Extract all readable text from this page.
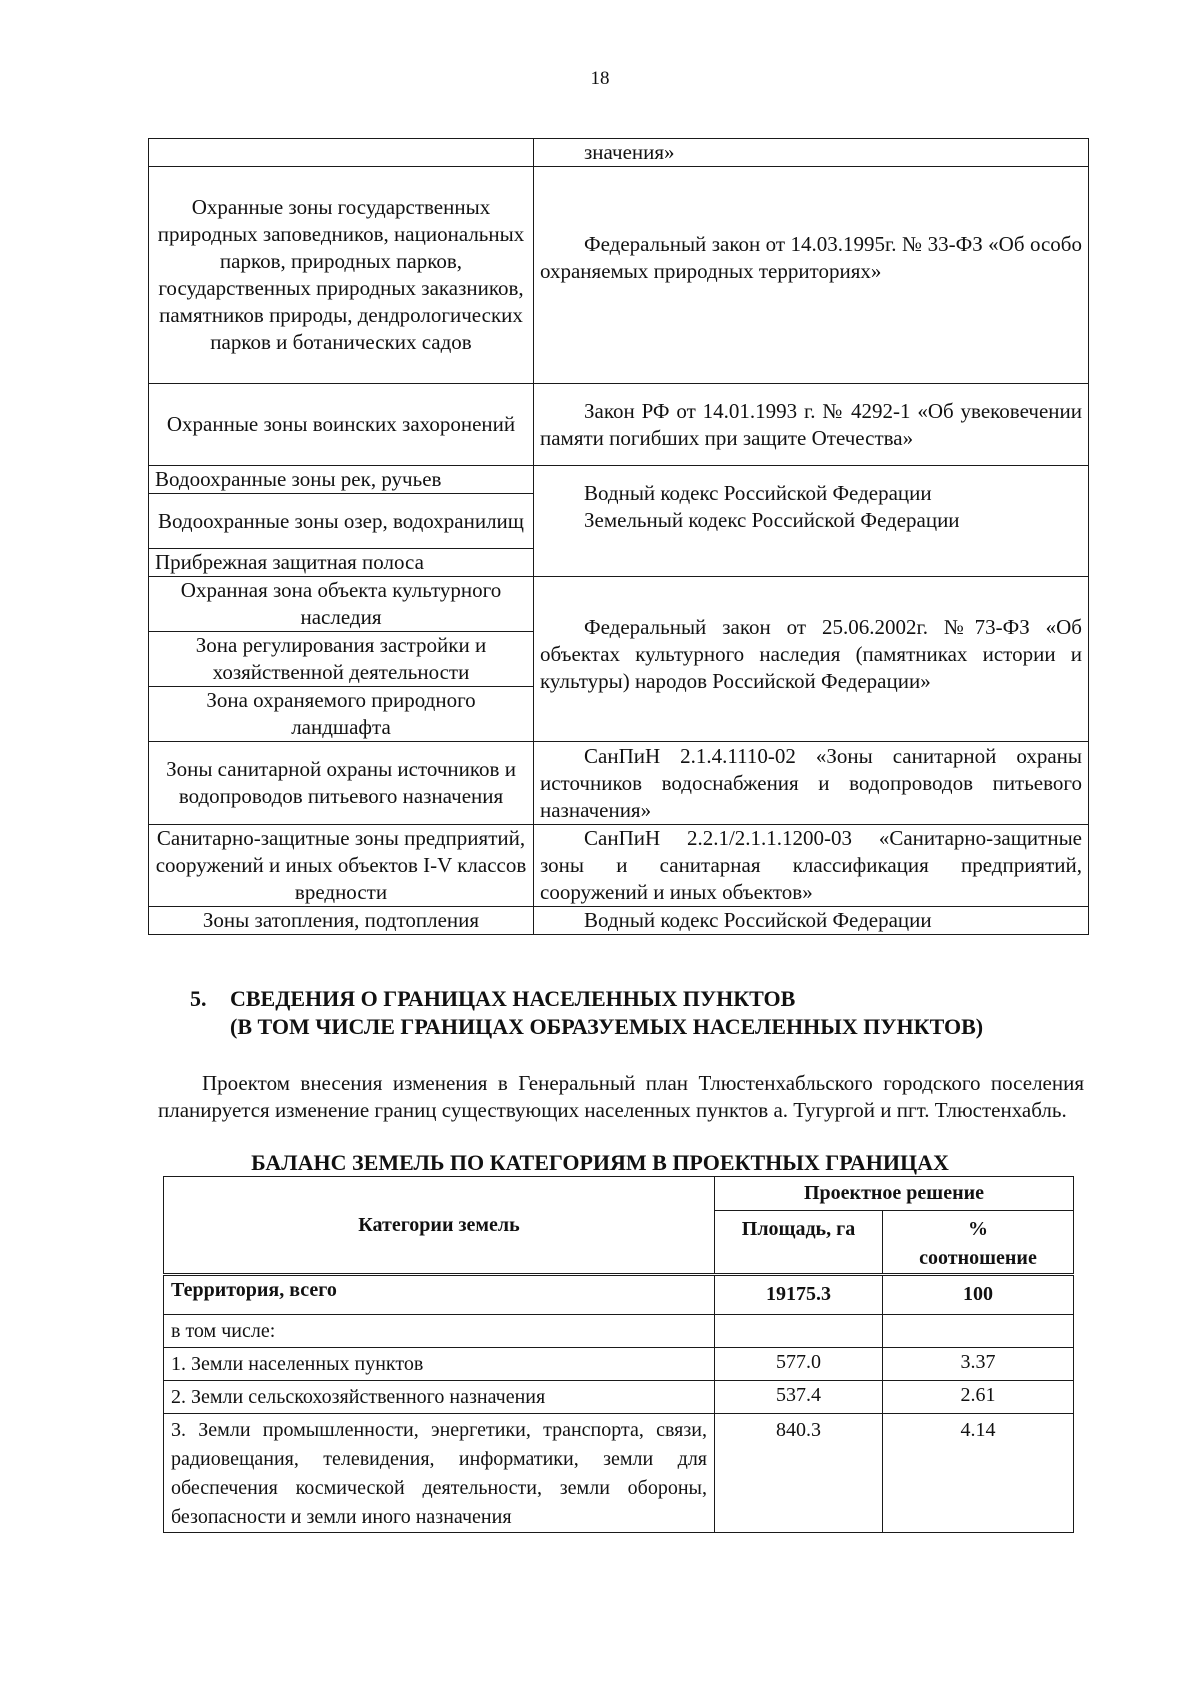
18
	значения»
Охранные зоны государственных природных заповедников, национальных парков, природных парков, государственных природных заказников, памятников природы, дендрологических парков и ботанических садов	Федеральный закон от 14.03.1995г. № 33-ФЗ «Об особо охраняемых природных территориях»
Охранные зоны воинских захоронений	Закон РФ от 14.01.1993 г. № 4292-1 «Об увековечении памяти погибших при защите Отечества»
Водоохранные зоны рек, ручьев	Водный кодекс Российской Федерации
Земельный кодекс Российской Федерации
Водоохранные зоны озер, водохранилищ	
Прибрежная защитная полоса	
Охранная зона объекта культурного наследия	Федеральный закон от 25.06.2002г. №73-ФЗ «Об объектах культурного наследия (памятниках истории и культуры) народов Российской Федерации»
Зона регулирования застройки и хозяйственной деятельности	
Зона охраняемого природного ландшафта	
Зоны санитарной охраны источников и водопроводов питьевого назначения	СанПиН 2.1.4.1110-02 «Зоны санитарной охраны источников водоснабжения и водопроводов питьевого назначения»
Санитарно-защитные зоны предприятий, сооружений и иных объектов I-V классов вредности	СанПиН 2.2.1/2.1.1.1200-03 «Санитарно-защитные зоны и санитарная классификация предприятий, сооружений и иных объектов»
Зоны затопления, подтопления	Водный кодекс Российской Федерации
5. СВЕДЕНИЯ О ГРАНИЦАХ НАСЕЛЕННЫХ ПУНКТОВ
(В ТОМ ЧИСЛЕ ГРАНИЦАХ ОБРАЗУЕМЫХ НАСЕЛЕННЫХ ПУНКТОВ)
Проектом внесения изменения в Генеральный план Тлюстенхабльского городского поселения планируется изменение границ существующих населенных пунктов а. Тугургой и пгт. Тлюстенхабль.
БАЛАНС ЗЕМЕЛЬ ПО КАТЕГОРИЯМ В ПРОЕКТНЫХ ГРАНИЦАХ
Категории земель	Проектное решение	
	Площадь, га	%
соотношение
Территория, всего	19175.3	100
в том числе:		
1. Земли населенных пунктов	577.0	3.37
2. Земли сельскохозяйственного назначения	537.4	2.61
3. Земли промышленности, энергетики, транспорта, связи, радиовещания, телевидения, информатики, земли для обеспечения космической деятельности, земли обороны, безопасности и земли иного назначения	840.3	4.14
